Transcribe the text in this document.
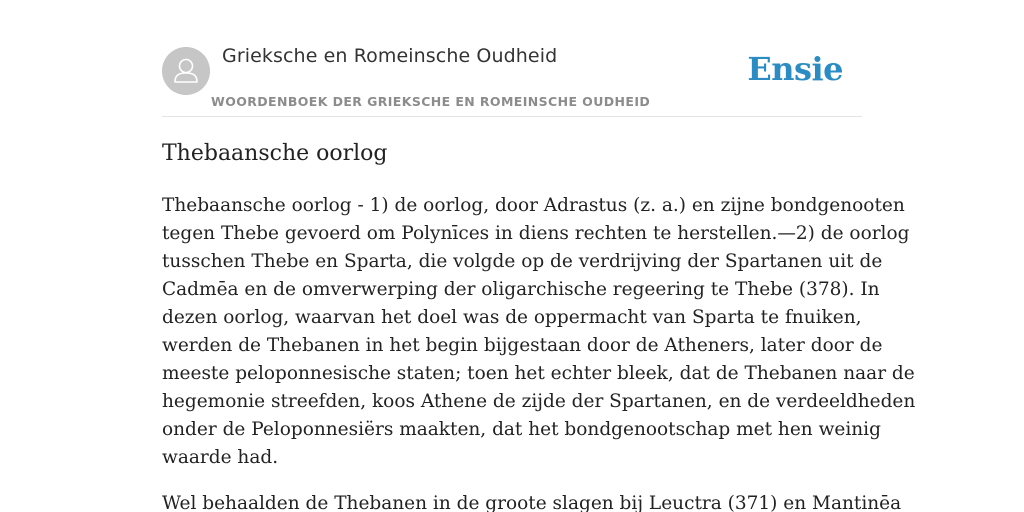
Grieksche en Romeinsche Oudheid
WOORDENBOEK DER GRIEKSCHE EN ROMEINSCHE OUDHEID
Ensie
Thebaansche oorlog

Thebaansche oorlog - 1) de oorlog, door Adrastus (z. a.) en zijne bondgenooten
tegen Thebe gevoerd om Polynīces in diens rechten te herstellen.—2) de oorlog
tusschen Thebe en Sparta, die volgde op de verdrijving der Spartanen uit de
Cadmēa en de omverwerping der oligarchische regeering te Thebe (378). In
dezen oorlog, waarvan het doel was de oppermacht van Sparta te fnuiken,
werden de Thebanen in het begin bijgestaan door de Atheners, later door de
meeste peloponnesische staten; toen het echter bleek, dat de Thebanen naar de
hegemonie streefden, koos Athene de zijde der Spartanen, en de verdeeldheden
onder de Peloponnesiërs maakten, dat het bondgenootschap met hen weinig
waarde had.

Wel behaalden de Thebanen in de groote slagen bij Leuctra (371) en Mantinēa
